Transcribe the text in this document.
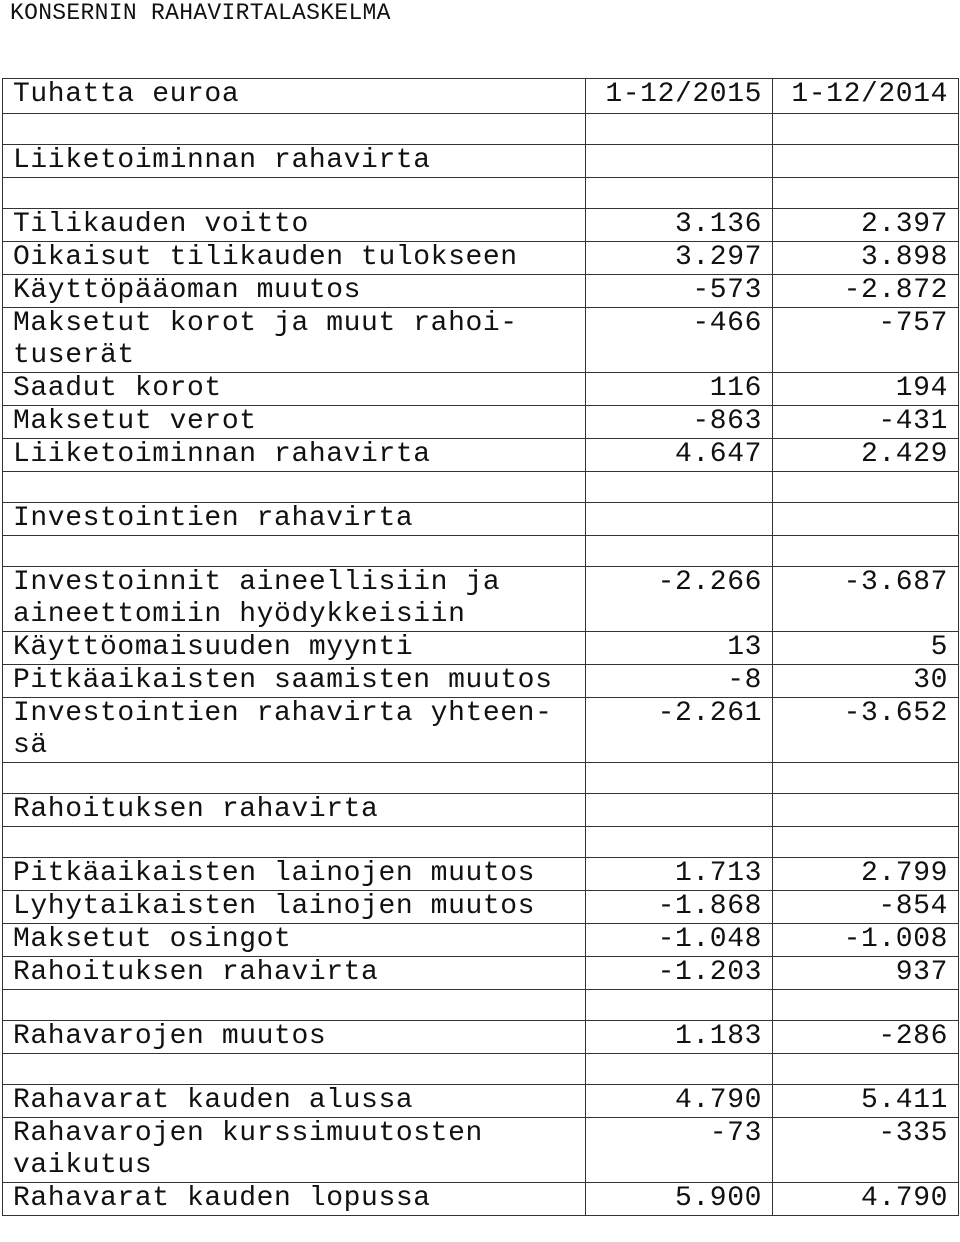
KONSERNIN RAHAVIRTALASKELMA
Tuhatta euroa	1-12/2015	1-12/2014

Liiketoiminnan rahavirta		

Tilikauden voitto	3.136	2.397
Oikaisut tilikauden tulokseen	3.297	3.898
Käyttöpääoman muutos	-573	-2.872
Maksetut korot ja muut rahoi-tuserät	-466	-757
Saadut korot	116	194
Maksetut verot	-863	-431
Liiketoiminnan rahavirta	4.647	2.429

Investointien rahavirta		

Investoinnit aineellisiin ja aineettomiin hyödykkeisiin	-2.266	-3.687
Käyttöomaisuuden myynti	13	5
Pitkäaikaisten saamisten muutos	-8	30
Investointien rahavirta yhteen-sä	-2.261	-3.652

Rahoituksen rahavirta		

Pitkäaikaisten lainojen muutos	1.713	2.799
Lyhytaikaisten lainojen muutos	-1.868	-854
Maksetut osingot	-1.048	-1.008
Rahoituksen rahavirta	-1.203	937

Rahavarojen muutos	1.183	-286

Rahavarat kauden alussa	4.790	5.411
Rahavarojen kurssimuutosten vaikutus	-73	-335
Rahavarat kauden lopussa	5.900	4.790
